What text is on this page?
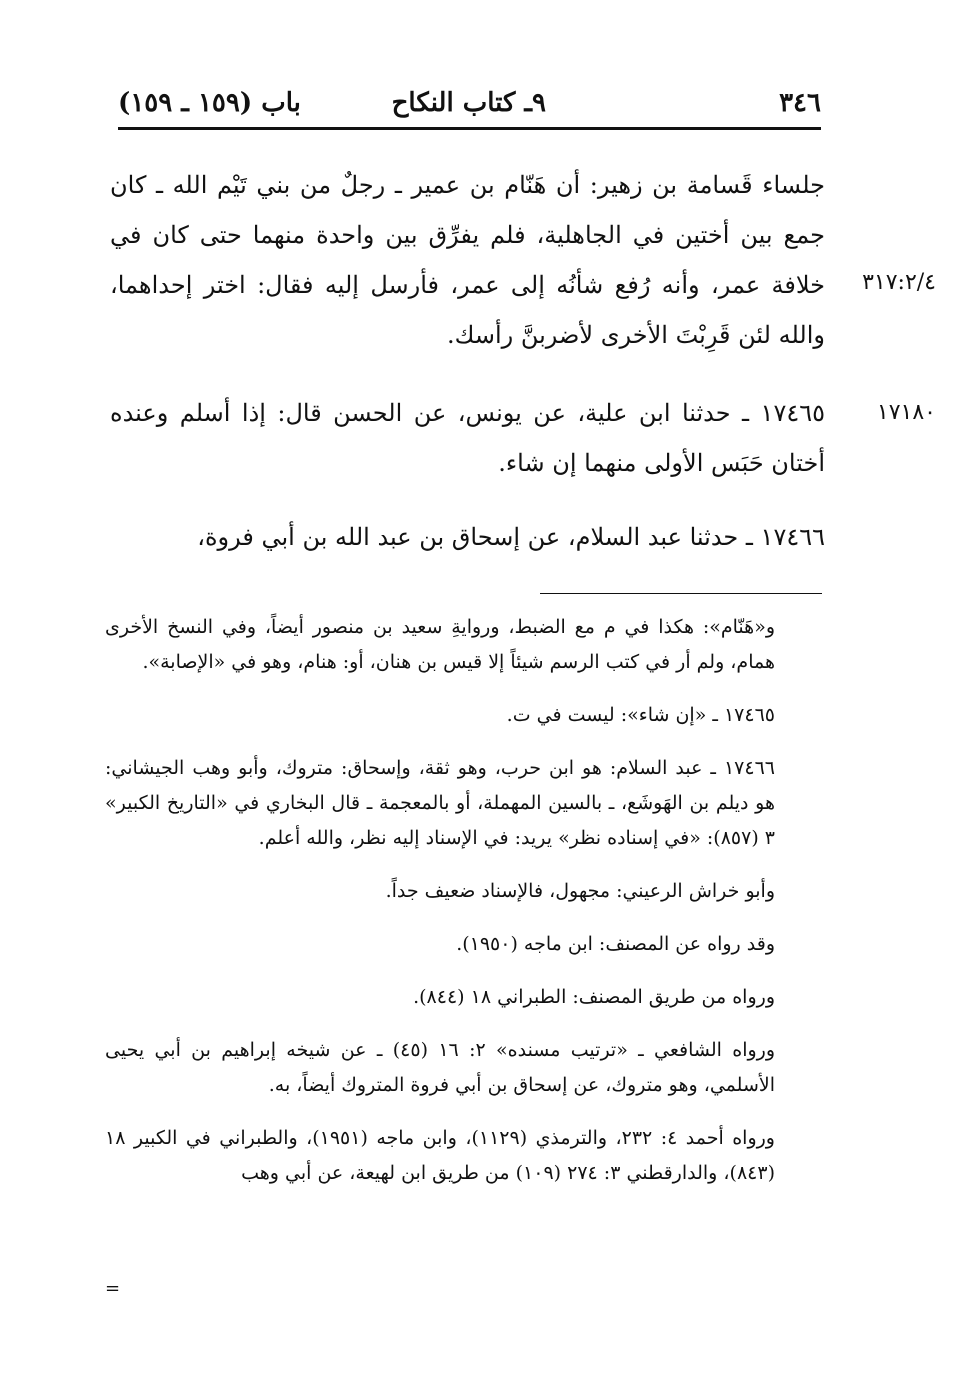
٣٤٦
٩ـ كتاب النكاح
باب (١٥٩ ـ ١٥٩)

جلساء قَسامة بن زهير: أن هَنّام بن عمير ـ رجلٌ من بني تَيْم الله ـ كان جمع بين أختين في الجاهلية، فلم يفرِّق بين واحدة منهما حتى كان في خلافة عمر، وأنه رُفع شأنُه إلى عمر، فأرسل إليه فقال: اختر إحداهما، والله لئن قَرِبْتَ الأخرى لأضربنَّ رأسك.

٣١٧:٢/٤

١٧٤٦٥ ـ حدثنا ابن علية، عن يونس، عن الحسن قال: إذا أسلم وعنده أختان حَبَس الأولى منهما إن شاء.

١٧١٨٠

١٧٤٦٦ ـ حدثنا عبد السلام، عن إسحاق بن عبد الله بن أبي فروة،

و«هَنّام»: هكذا في م مع الضبط، وروايةِ سعيد بن منصور أيضاً، وفي النسخ الأخرى همام، ولم أر في كتب الرسم شيئاً إلا قيس بن هنان، أو: هنام، وهو في «الإصابة».

١٧٤٦٥ ـ «إن شاء»: ليست في ت.

١٧٤٦٦ ـ عبد السلام: هو ابن حرب، وهو ثقة، وإسحاق: متروك، وأبو وهب الجيشاني: هو ديلم بن الهَوشَع، ـ بالسين المهملة، أو بالمعجمة ـ قال البخاري في «التاريخ الكبير» ٣ (٨٥٧): «في إسناده نظر» يريد: في الإسناد إليه نظر، والله أعلم.

وأبو خراش الرعيني: مجهول، فالإسناد ضعيف جداً.

وقد رواه عن المصنف: ابن ماجه (١٩٥٠).

ورواه من طريق المصنف: الطبراني ١٨ (٨٤٤).

ورواه الشافعي ـ «ترتيب مسنده» ٢: ١٦ (٤٥) ـ عن شيخه إبراهيم بن أبي يحيى الأسلمي، وهو متروك، عن إسحاق بن أبي فروة المتروك أيضاً، به.

ورواه أحمد ٤: ٢٣٢، والترمذي (١١٢٩)، وابن ماجه (١٩٥١)، والطبراني في الكبير ١٨ (٨٤٣)، والدارقطني ٣: ٢٧٤ (١٠٩) من طريق ابن لهيعة، عن أبي وهب

=
